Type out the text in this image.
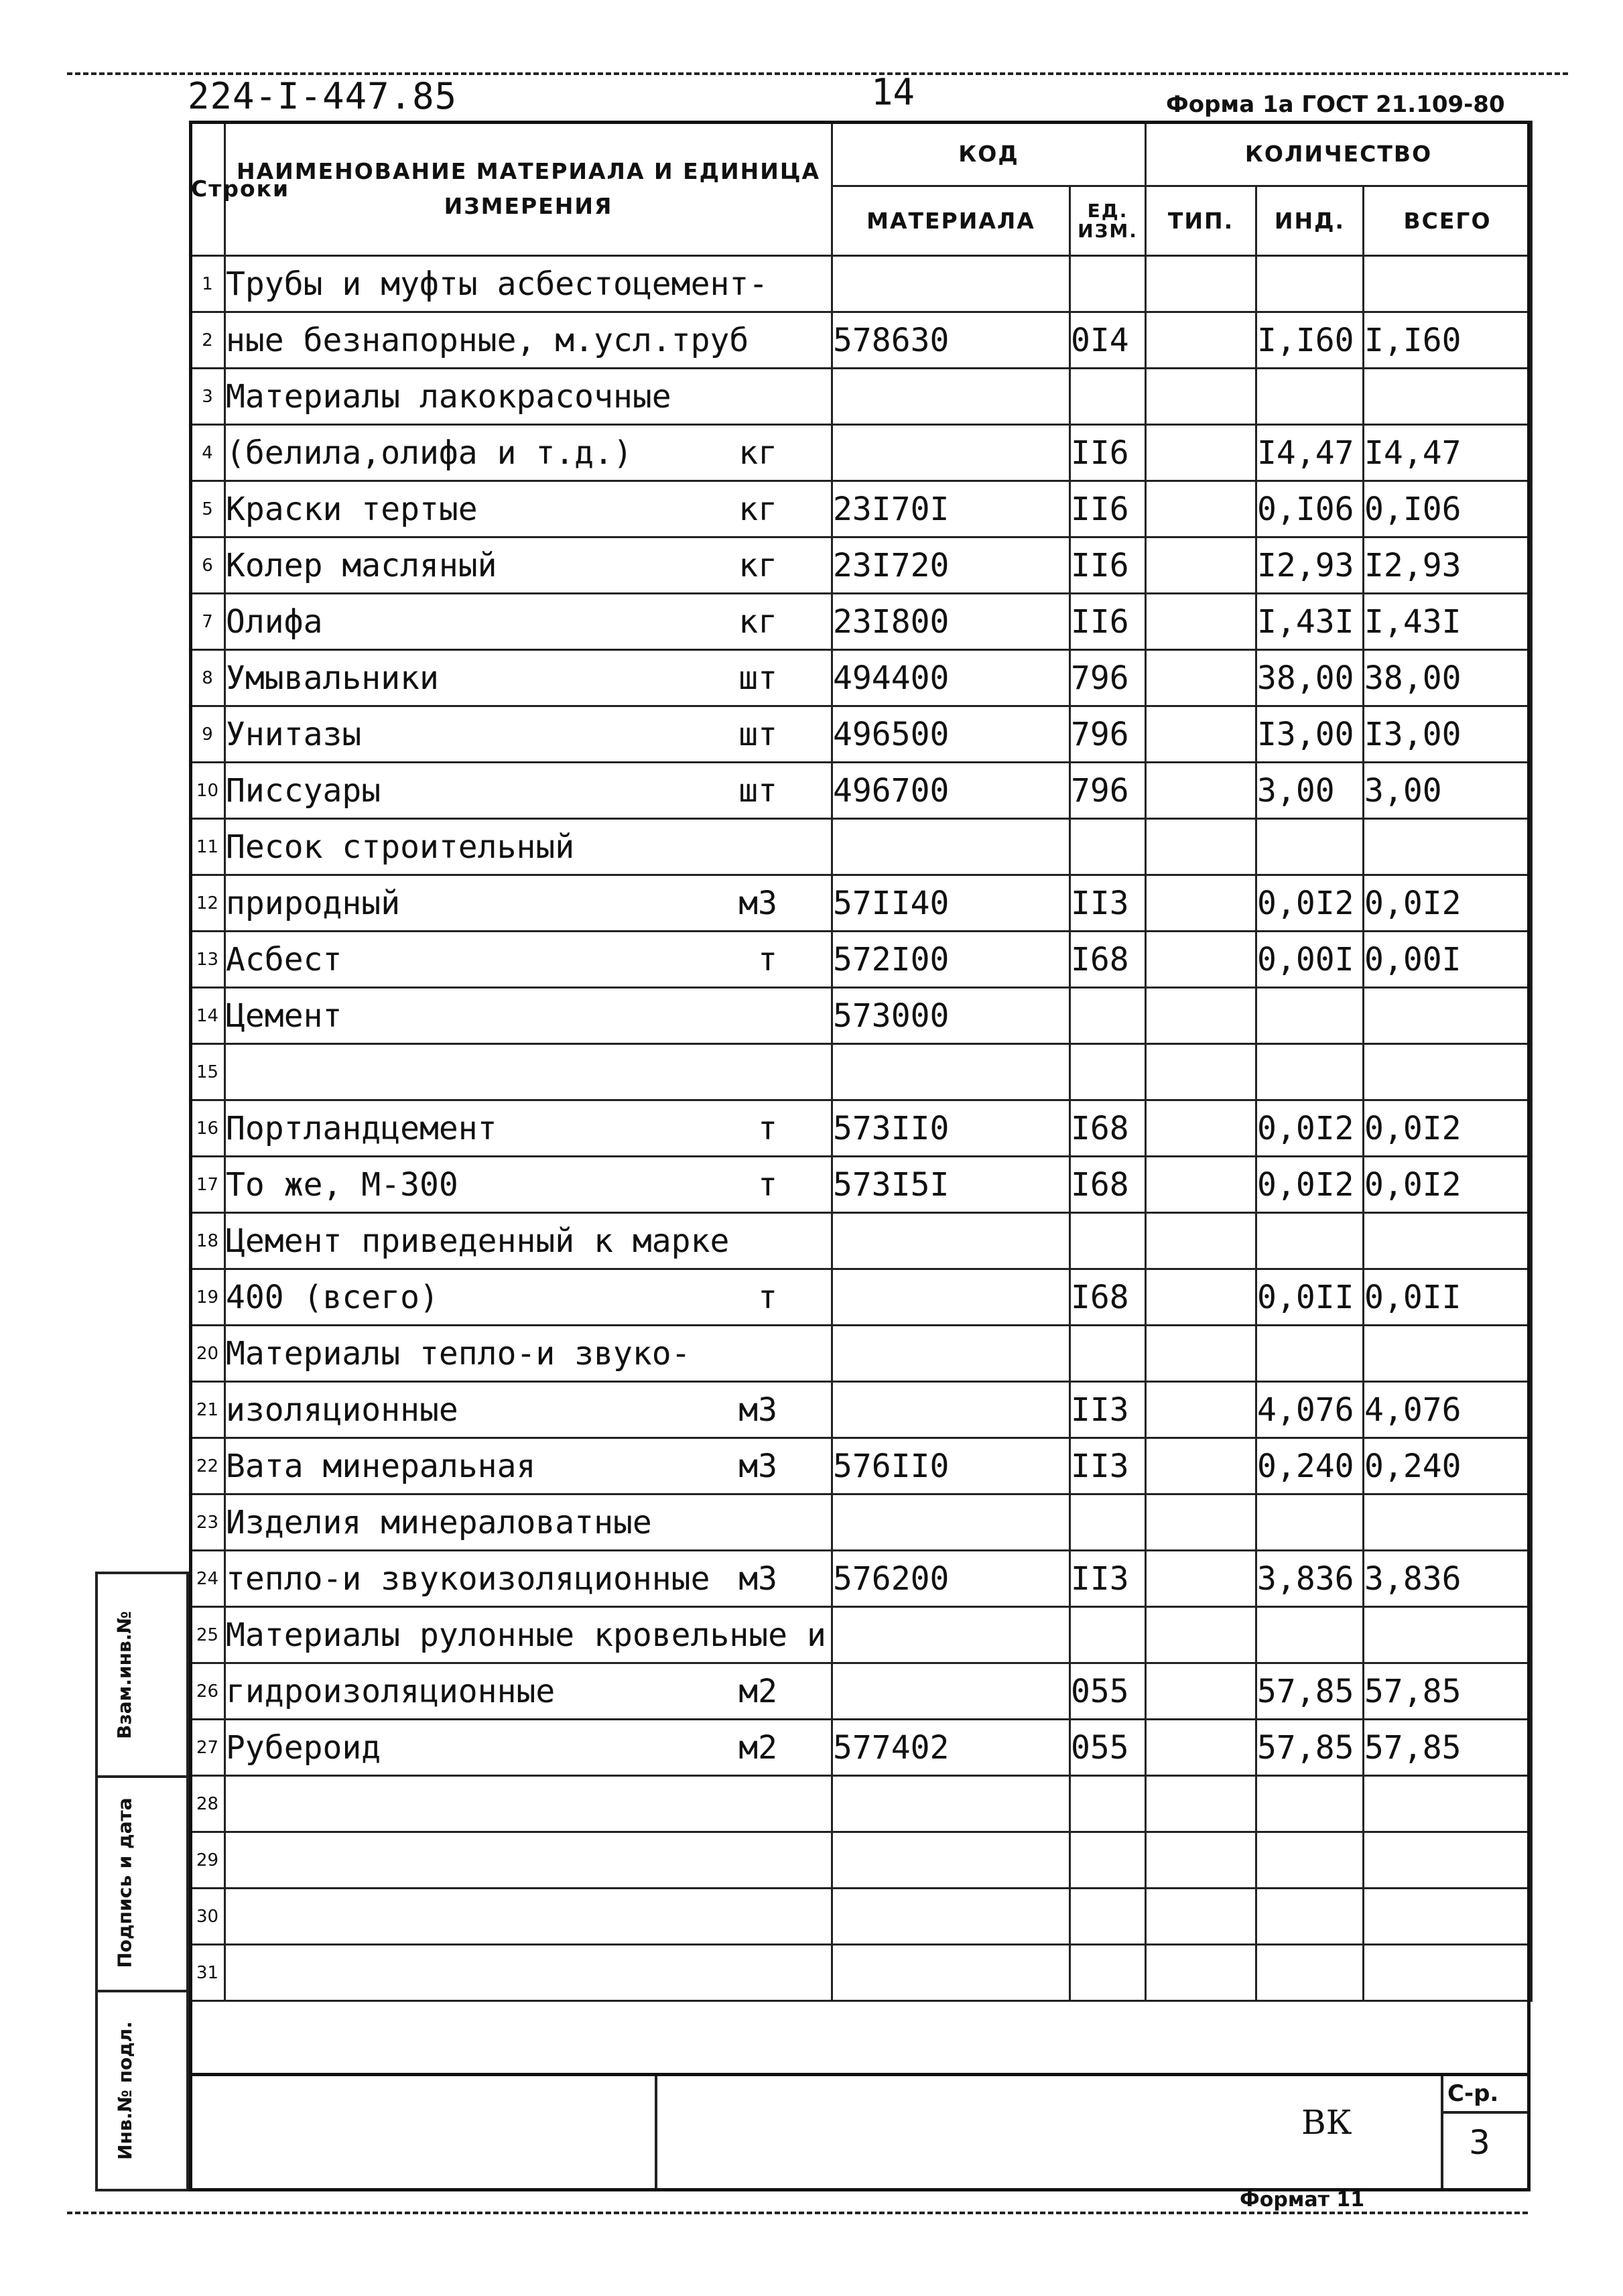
224-I-447.85	14	Форма 1а ГОСТ 21.109-80
Строки	НАИМЕНОВАНИЕ МАТЕРИАЛА И ЕДИНИЦА ИЗМЕРЕНИЯ	КОД		КОЛИЧЕСТВО		
		МАТЕРИАЛА	ЕД. ИЗМ.	ТИП.	ИНД.	ВСЕГО
1	Трубы и муфты асбестоцемент-

2	ные безнапорные, м.усл.труб	578630	0I4		I,I60	I,I60
3	Материалы лакокрасочные

4	(белила,олифа и т.д.) кг		II6		I4,47	I4,47
5	Краски тертые кг	23I70I	II6		0,I06	0,I06
6	Колер масляный кг	23I720	II6		I2,93	I2,93
7	Олифа кг	23I800	II6		I,43I	I,43I
8	Умывальники шт	494400	796		38,00	38,00
9	Унитазы шт	496500	796		I3,00	I3,00
10	Писсуары шт	496700	796		3,00	3,00
11	Песок строительный

12	природный м3	57II40	II3		0,0I2	0,0I2
13	Асбест т	572I00	I68		0,00I	0,00I
14	Цемент	573000				
15	

16	Портландцемент т	573II0	I68		0,0I2	0,0I2
17	То же, М-300 т	573I5I	I68		0,0I2	0,0I2
18	Цемент приведенный к марке

19	400 (всего) т		I68		0,0II	0,0II
20	Материалы тепло-и звуко-

21	изоляционные м3		II3		4,076	4,076
22	Вата минеральная м3	576II0	II3		0,240	0,240
23	Изделия минераловатные

24	тепло-и звукоизоляционные м3	576200	II3		3,836	3,836
25	Материалы рулонные кровельные и

26	гидроизоляционные м2		055		57,85	57,85
27	Рубероид м2	577402	055		57,85	57,85
28	

29	

30	

31	

Взам.инв.№
Подпись и дата
Инв.№ подл.	ВК
С-р.
3
Формат 11
